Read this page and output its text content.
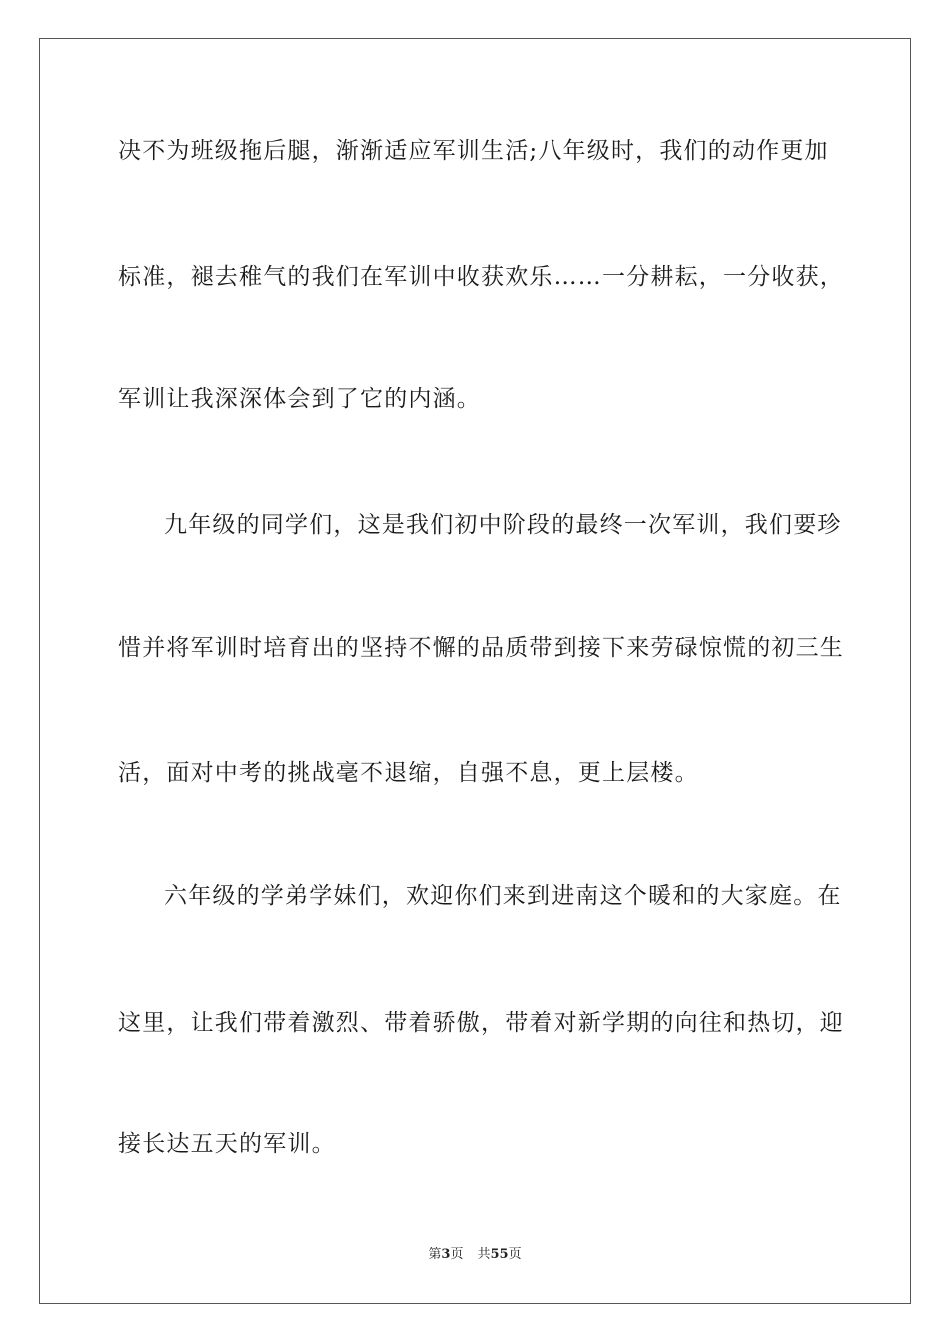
决不为班级拖后腿，渐渐适应军训生活;八年级时，我们的动作更加
标准，褪去稚气的我们在军训中收获欢乐……一分耕耘，一分收获，
军训让我深深体会到了它的内涵。
九年级的同学们，这是我们初中阶段的最终一次军训，我们要珍
惜并将军训时培育出的坚持不懈的品质带到接下来劳碌惊慌的初三生
活，面对中考的挑战毫不退缩，自强不息，更上层楼。
六年级的学弟学妹们，欢迎你们来到进南这个暖和的大家庭。在
这里，让我们带着激烈、带着骄傲，带着对新学期的向往和热切，迎
接长达五天的军训。
第3页 共55页
